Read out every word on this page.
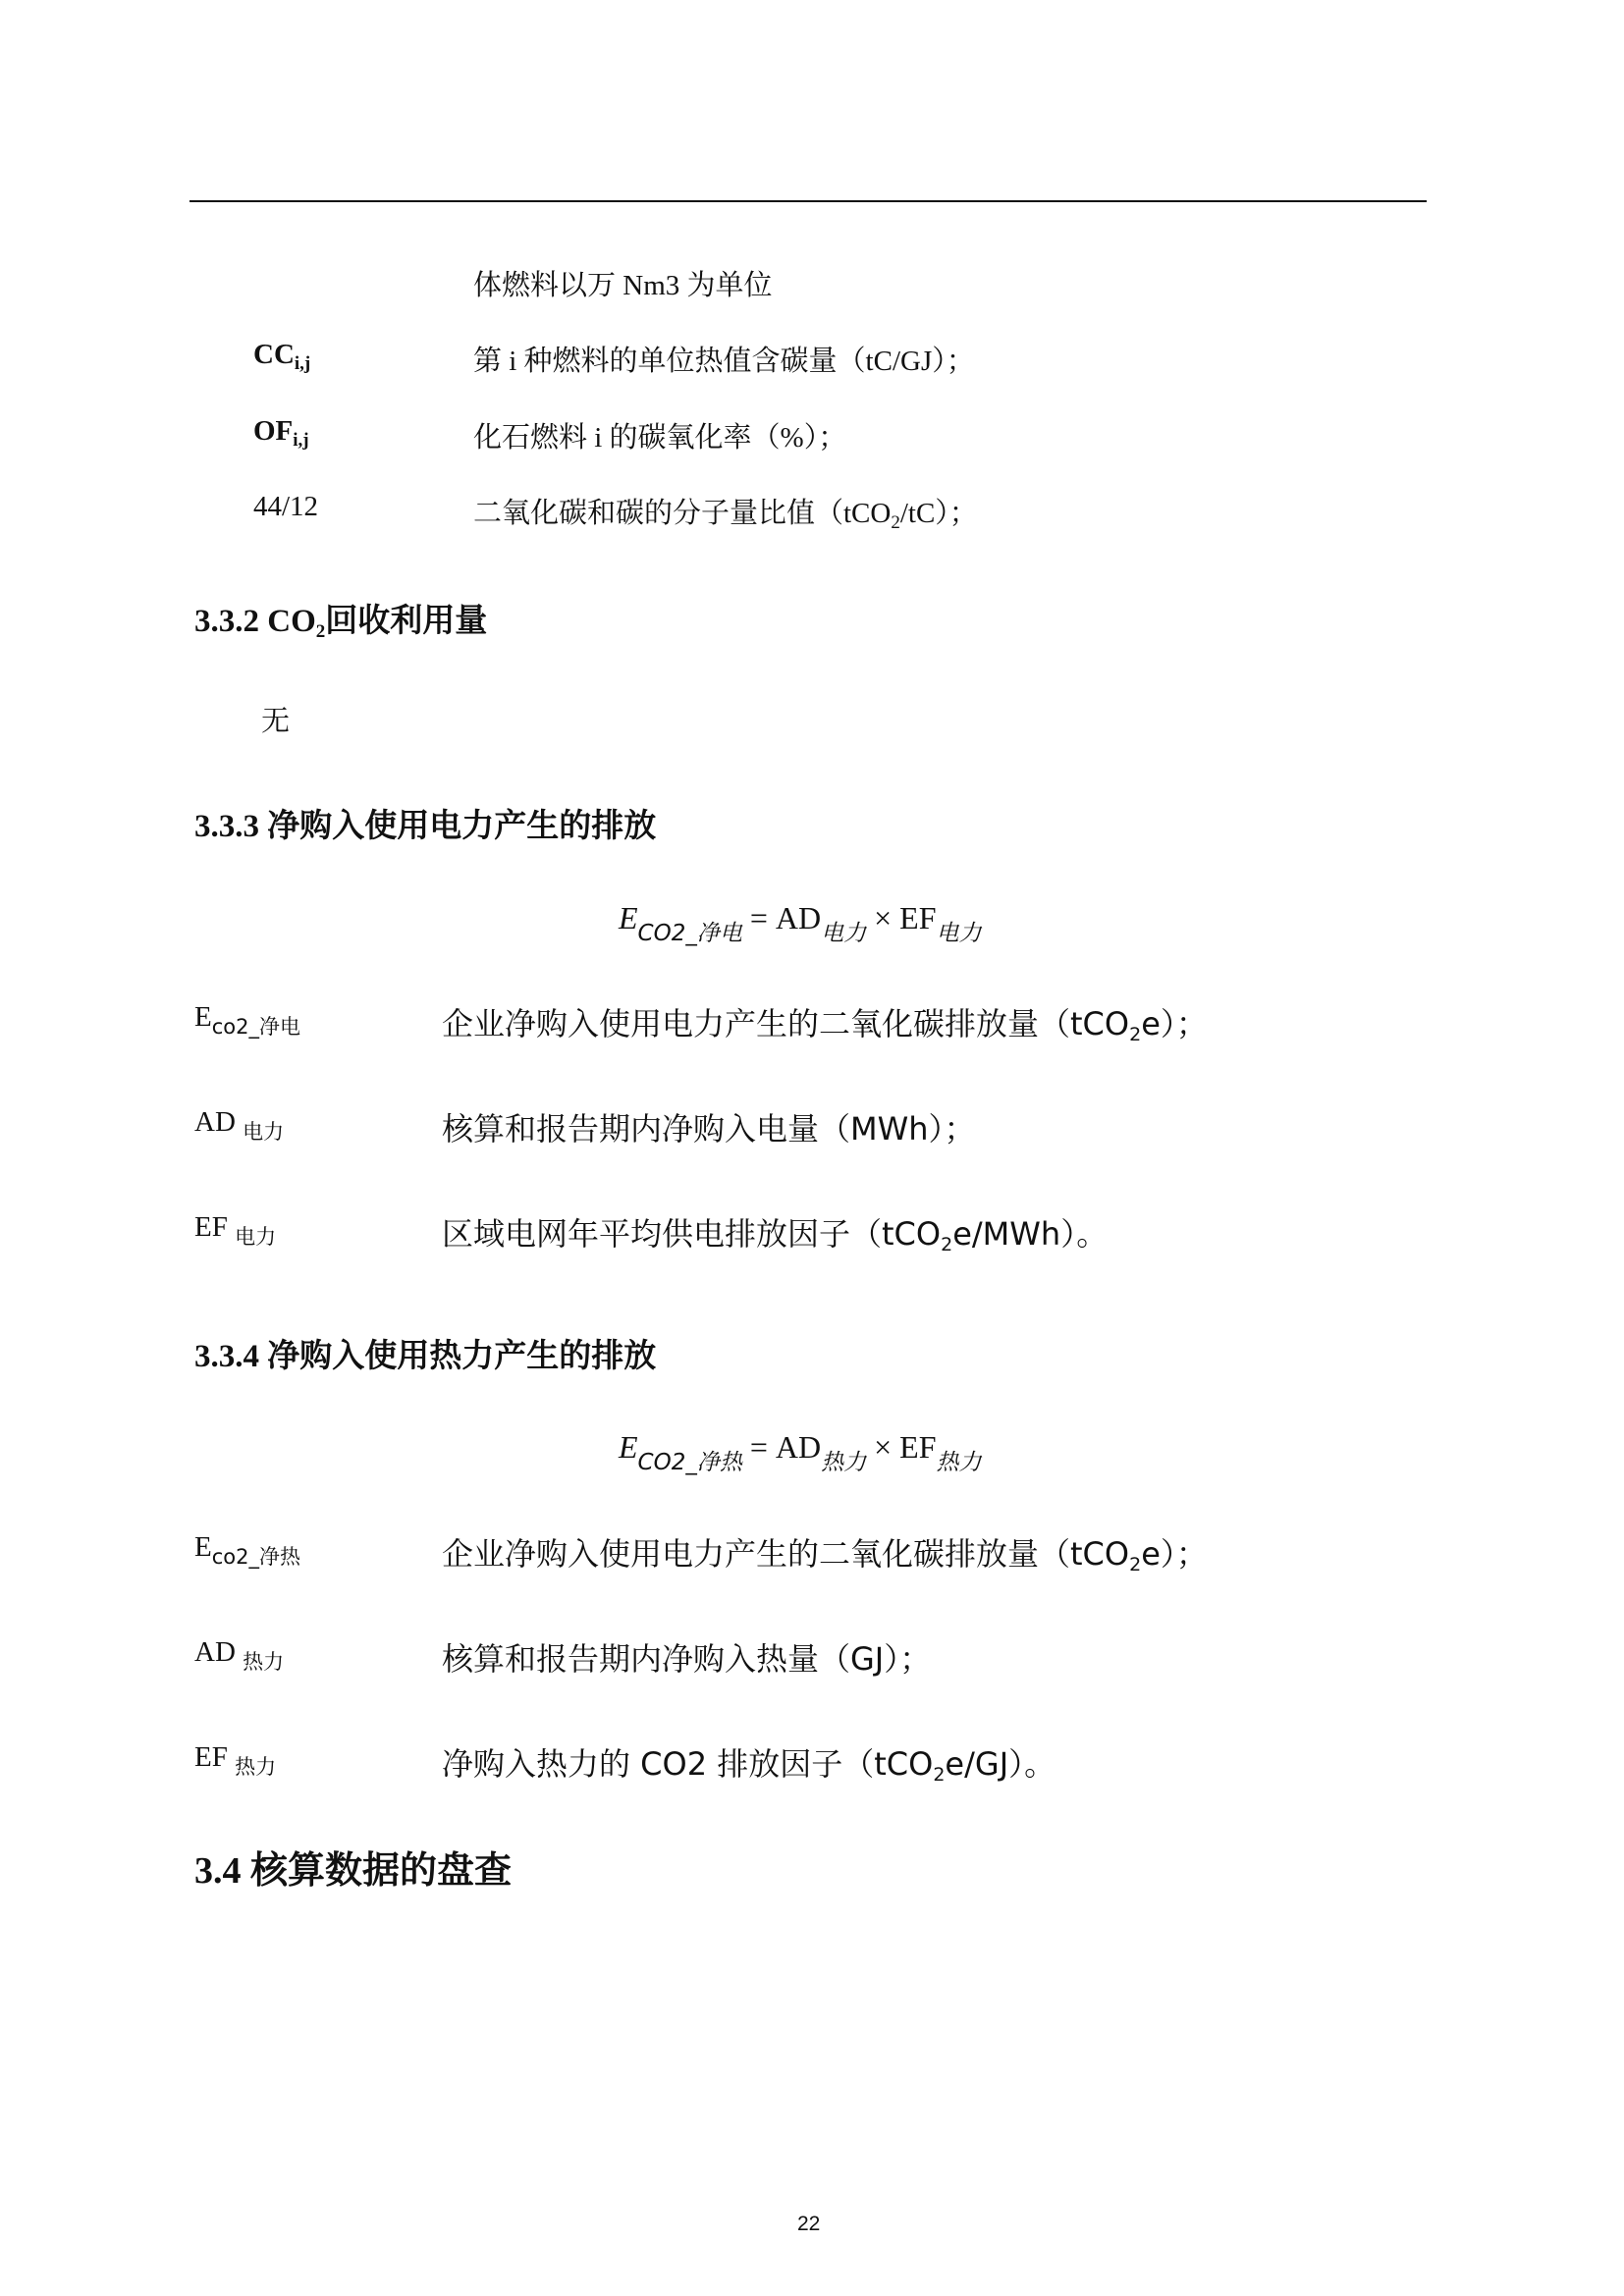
体燃料以万 Nm3 为单位
$CC_{i,j}$	第 i 种燃料的单位热值含碳量（tC/GJ）；
$OF_{i,j}$	化石燃料 i 的碳氧化率（%）；
44/12	二氧化碳和碳的分子量比值（tCO$_2$/tC）；
3.3.2 $CO_2$回收利用量
无
3.3.3 净购入使用电力产生的排放
$E_{CO2\_净电} = AD_{电力} \times EF_{电力}$
$E_{co2\_净电}$	企业净购入使用电力产生的二氧化碳排放量（tCO$_2$e）；
AD $_{电力}$	核算和报告期内净购入电量（MWh）；
EF $_{电力}$	区域电网年平均供电排放因子（tCO$_2$e/MWh）。
3.3.4 净购入使用热力产生的排放
$E_{CO2\_净热} = AD_{热力} \times EF_{热力}$
$E_{co2\_净热}$	企业净购入使用电力产生的二氧化碳排放量（tCO$_2$e）；
AD $_{热力}$	核算和报告期内净购入热量（GJ）；
EF $_{热力}$	净购入热力的 CO2 排放因子（tCO$_2$e/GJ）。
3.4 核算数据的盘查
22
